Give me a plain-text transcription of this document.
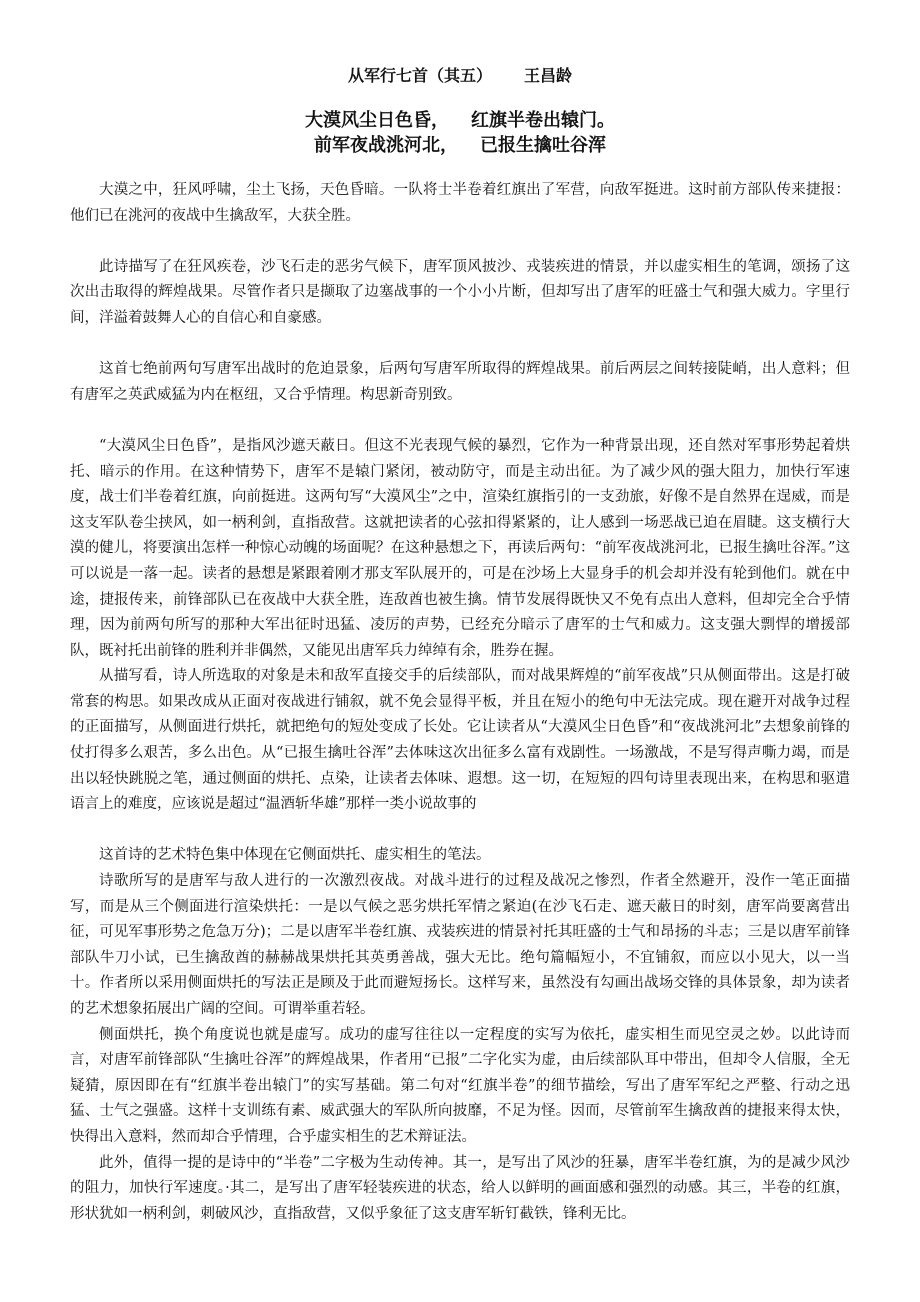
从军行七首（其五） 王昌龄
大漠风尘日色昏， 红旗半卷出辕门。
前军夜战洮河北， 已报生擒吐谷浑

大漠之中，狂风呼啸，尘土飞扬，天色昏暗。一队将士半卷着红旗出了军营，向敌军挺进。这时前方部队传来捷报：他们已在洮河的夜战中生擒敌军，大获全胜。

此诗描写了在狂风疾卷，沙飞石走的恶劣气候下，唐军顶风披沙、戎装疾进的情景，并以虚实相生的笔调，颂扬了这次出击取得的辉煌战果。尽管作者只是撷取了边塞战事的一个小小片断，但却写出了唐军的旺盛士气和强大威力。字里行间，洋溢着鼓舞人心的自信心和自豪感。

这首七绝前两句写唐军出战时的危迫景象，后两句写唐军所取得的辉煌战果。前后两层之间转接陡峭，出人意料；但有唐军之英武威猛为内在枢纽，又合乎情理。构思新奇别致。

“大漠风尘日色昏”，是指风沙遮天蔽日。但这不光表现气候的暴烈，它作为一种背景出现，还自然对军事形势起着烘托、暗示的作用。在这种情势下，唐军不是辕门紧闭，被动防守，而是主动出征。为了减少风的强大阻力，加快行军速度，战士们半卷着红旗，向前挺进。这两句写“大漠风尘”之中，渲染红旗指引的一支劲旅，好像不是自然界在逞威，而是这支军队卷尘挟风，如一柄利剑，直指敌营。这就把读者的心弦扣得紧紧的，让人感到一场恶战已迫在眉睫。这支横行大漠的健儿，将要演出怎样一种惊心动魄的场面呢？在这种悬想之下，再读后两句：“前军夜战洮河北，已报生擒吐谷浑。”这可以说是一落一起。读者的悬想是紧跟着刚才那支军队展开的，可是在沙场上大显身手的机会却并没有轮到他们。就在中途，捷报传来，前锋部队已在夜战中大获全胜，连敌酋也被生擒。情节发展得既快又不免有点出人意料，但却完全合乎情理，因为前两句所写的那种大军出征时迅猛、凌厉的声势，已经充分暗示了唐军的士气和威力。这支强大剽悍的增援部队，既衬托出前锋的胜利并非偶然，又能见出唐军兵力绰绰有余，胜券在握。

从描写看，诗人所选取的对象是未和敌军直接交手的后续部队，而对战果辉煌的“前军夜战”只从侧面带出。这是打破常套的构思。如果改成从正面对夜战进行铺叙，就不免会显得平板，并且在短小的绝句中无法完成。现在避开对战争过程的正面描写，从侧面进行烘托，就把绝句的短处变成了长处。它让读者从“大漠风尘日色昏”和“夜战洮河北”去想象前锋的仗打得多么艰苦，多么出色。从“已报生擒吐谷浑”去体味这次出征多么富有戏剧性。一场激战，不是写得声嘶力竭，而是出以轻快跳脱之笔，通过侧面的烘托、点染，让读者去体味、遐想。这一切，在短短的四句诗里表现出来，在构思和驱遣语言上的难度，应该说是超过“温酒斩华雄”那样一类小说故事的

这首诗的艺术特色集中体现在它侧面烘托、虚实相生的笔法。

诗歌所写的是唐军与敌人进行的一次激烈夜战。对战斗进行的过程及战况之惨烈，作者全然避开，没作一笔正面描写，而是从三个侧面进行渲染烘托：一是以气候之恶劣烘托军情之紧迫(在沙飞石走、遮天蔽日的时刻，唐军尚要离营出征，可见军事形势之危急万分)；二是以唐军半卷红旗、戎装疾进的情景衬托其旺盛的士气和昂扬的斗志；三是以唐军前锋部队牛刀小试，已生擒敌酋的赫赫战果烘托其英勇善战，强大无比。绝句篇幅短小，不宜铺叙，而应以小见大，以一当十。作者所以采用侧面烘托的写法正是顾及于此而避短扬长。这样写来，虽然没有勾画出战场交锋的具体景象，却为读者的艺术想象拓展出广阔的空间。可谓举重若轻。

侧面烘托，换个角度说也就是虚写。成功的虚写往往以一定程度的实写为依托，虚实相生而见空灵之妙。以此诗而言，对唐军前锋部队“生擒吐谷浑”的辉煌战果，作者用“已报”二字化实为虚，由后续部队耳中带出，但却令人信服，全无疑猜，原因即在有“红旗半卷出辕门”的实写基础。第二句对“红旗半卷”的细节描绘，写出了唐军军纪之严整、行动之迅猛、士气之强盛。这样十支训练有素、威武强大的军队所向披靡，不足为怪。因而，尽管前军生擒敌酋的捷报来得太快，快得出入意料，然而却合乎情理，合乎虚实相生的艺术辩证法。

此外，值得一提的是诗中的“半卷”二字极为生动传神。其一，是写出了风沙的狂暴，唐军半卷红旗，为的是减少风沙的阻力，加快行军速度。·其二，是写出了唐军轻装疾进的状态，给人以鲜明的画面感和强烈的动感。其三，半卷的红旗，形状犹如一柄利剑，刺破风沙，直指敌营，又似乎象征了这支唐军斩钉截铁，锋利无比。
